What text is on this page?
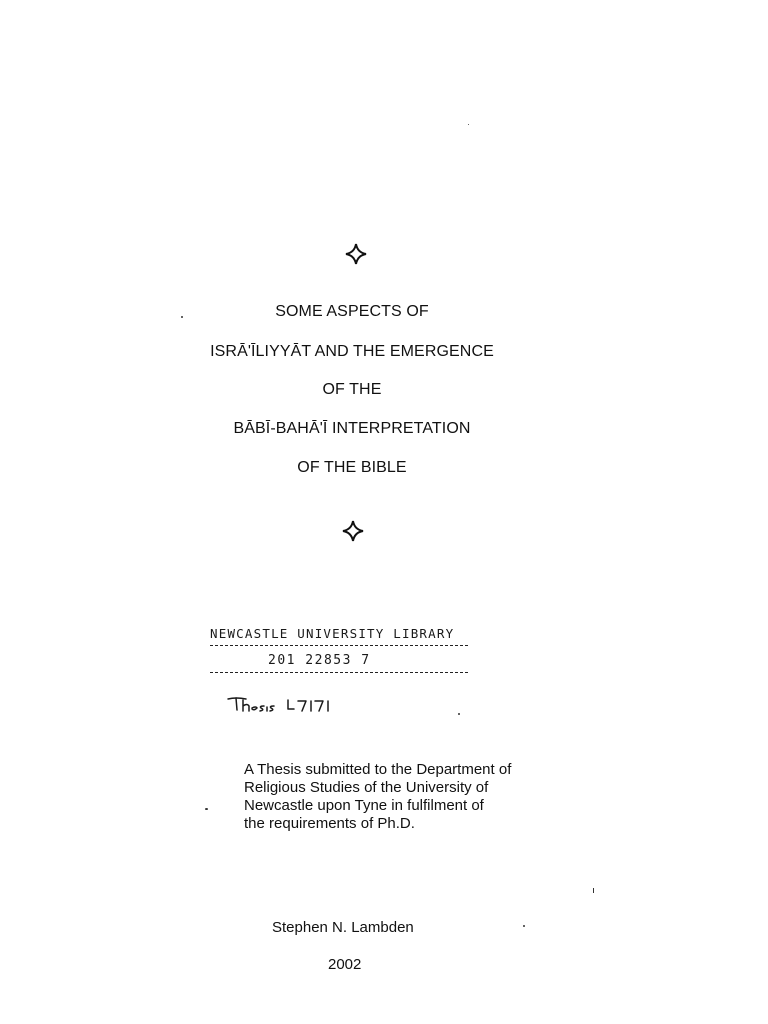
SOME ASPECTS OF
ISRĀ'ĪLIYYĀT AND THE EMERGENCE
OF THE
BĀBĪ-BAHĀ'Ī INTERPRETATION
OF THE BIBLE
NEWCASTLE UNIVERSITY LIBRARY
201 22853 7
A Thesis submitted to the Department of
Religious Studies of the University of
Newcastle upon Tyne in fulfilment of
the requirements of Ph.D.
Stephen N. Lambden
2002
